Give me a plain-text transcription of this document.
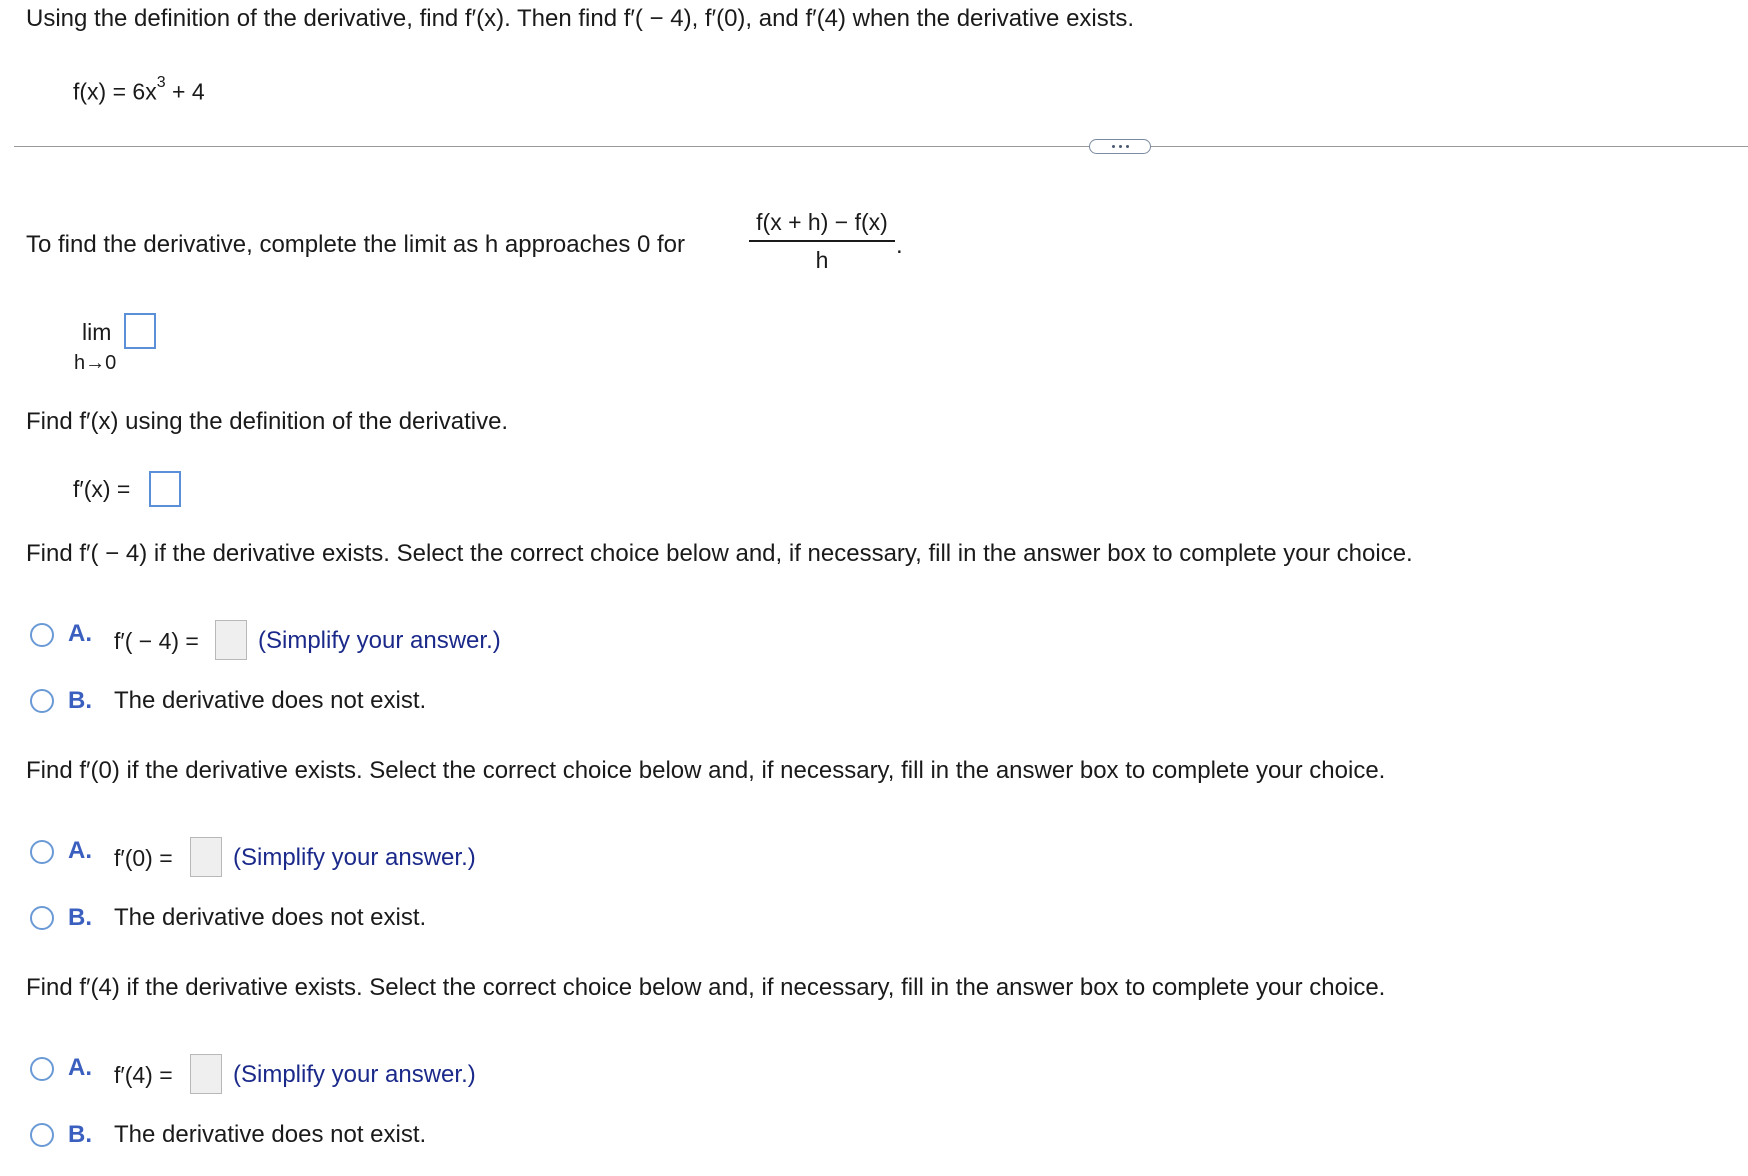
Using the definition of the derivative, find f′(x). Then find f′( − 4), f′(0), and f′(4) when the derivative exists.
$f(x) = 6x^3 + 4$
To find the derivative, complete the limit as h approaches 0 for
f(x + h) − f(x)
h
.
lim
h→0
Find f′(x) using the definition of the derivative.
f′(x) =
Find f′( − 4) if the derivative exists. Select the correct choice below and, if necessary, fill in the answer box to complete your choice.
A. f′( − 4) = (Simplify your answer.)
B. The derivative does not exist.
Find f′(0) if the derivative exists. Select the correct choice below and, if necessary, fill in the answer box to complete your choice.
A. f′(0) =	(Simplify your answer.)
B. The derivative does not exist.
Find f′(4) if the derivative exists. Select the correct choice below and, if necessary, fill in the answer box to complete your choice.
A. f′(4) =	(Simplify your answer.)
B. The derivative does not exist.
